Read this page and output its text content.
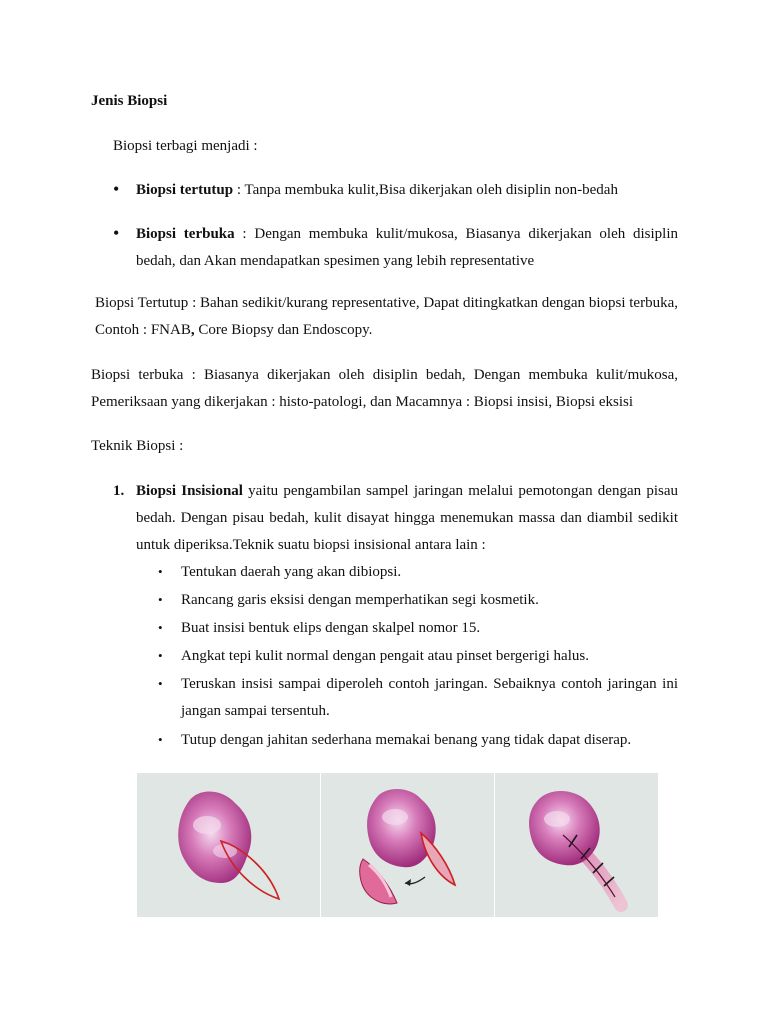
Jenis Biopsi
Biopsi terbagi menjadi :
• Biopsi tertutup : Tanpa membuka kulit,Bisa dikerjakan oleh disiplin non-bedah
• Biopsi terbuka : Dengan membuka kulit/mukosa, Biasanya dikerjakan oleh disiplin bedah, dan Akan mendapatkan spesimen yang lebih representative
Biopsi Tertutup : Bahan sedikit/kurang representative, Dapat ditingkatkan dengan biopsi terbuka, Contoh : FNAB, Core Biopsy dan Endoscopy.
Biopsi terbuka : Biasanya dikerjakan oleh disiplin bedah, Dengan membuka kulit/mukosa, Pemeriksaan yang dikerjakan : histo-patologi, dan Macamnya : Biopsi insisi, Biopsi eksisi
Teknik Biopsi :
1. Biopsi Insisional yaitu pengambilan sampel jaringan melalui pemotongan dengan pisau bedah. Dengan pisau bedah, kulit disayat hingga menemukan massa dan diambil sedikit untuk diperiksa.Teknik suatu biopsi insisional antara lain :
• Tentukan daerah yang akan dibiopsi.
• Rancang garis eksisi dengan memperhatikan segi kosmetik.
• Buat insisi bentuk elips dengan skalpel nomor 15.
• Angkat tepi kulit normal dengan pengait atau pinset bergerigi halus.
• Teruskan insisi sampai diperoleh contoh jaringan. Sebaiknya contoh jaringan ini jangan sampai tersentuh.
• Tutup dengan jahitan sederhana memakai benang yang tidak dapat diserap.
